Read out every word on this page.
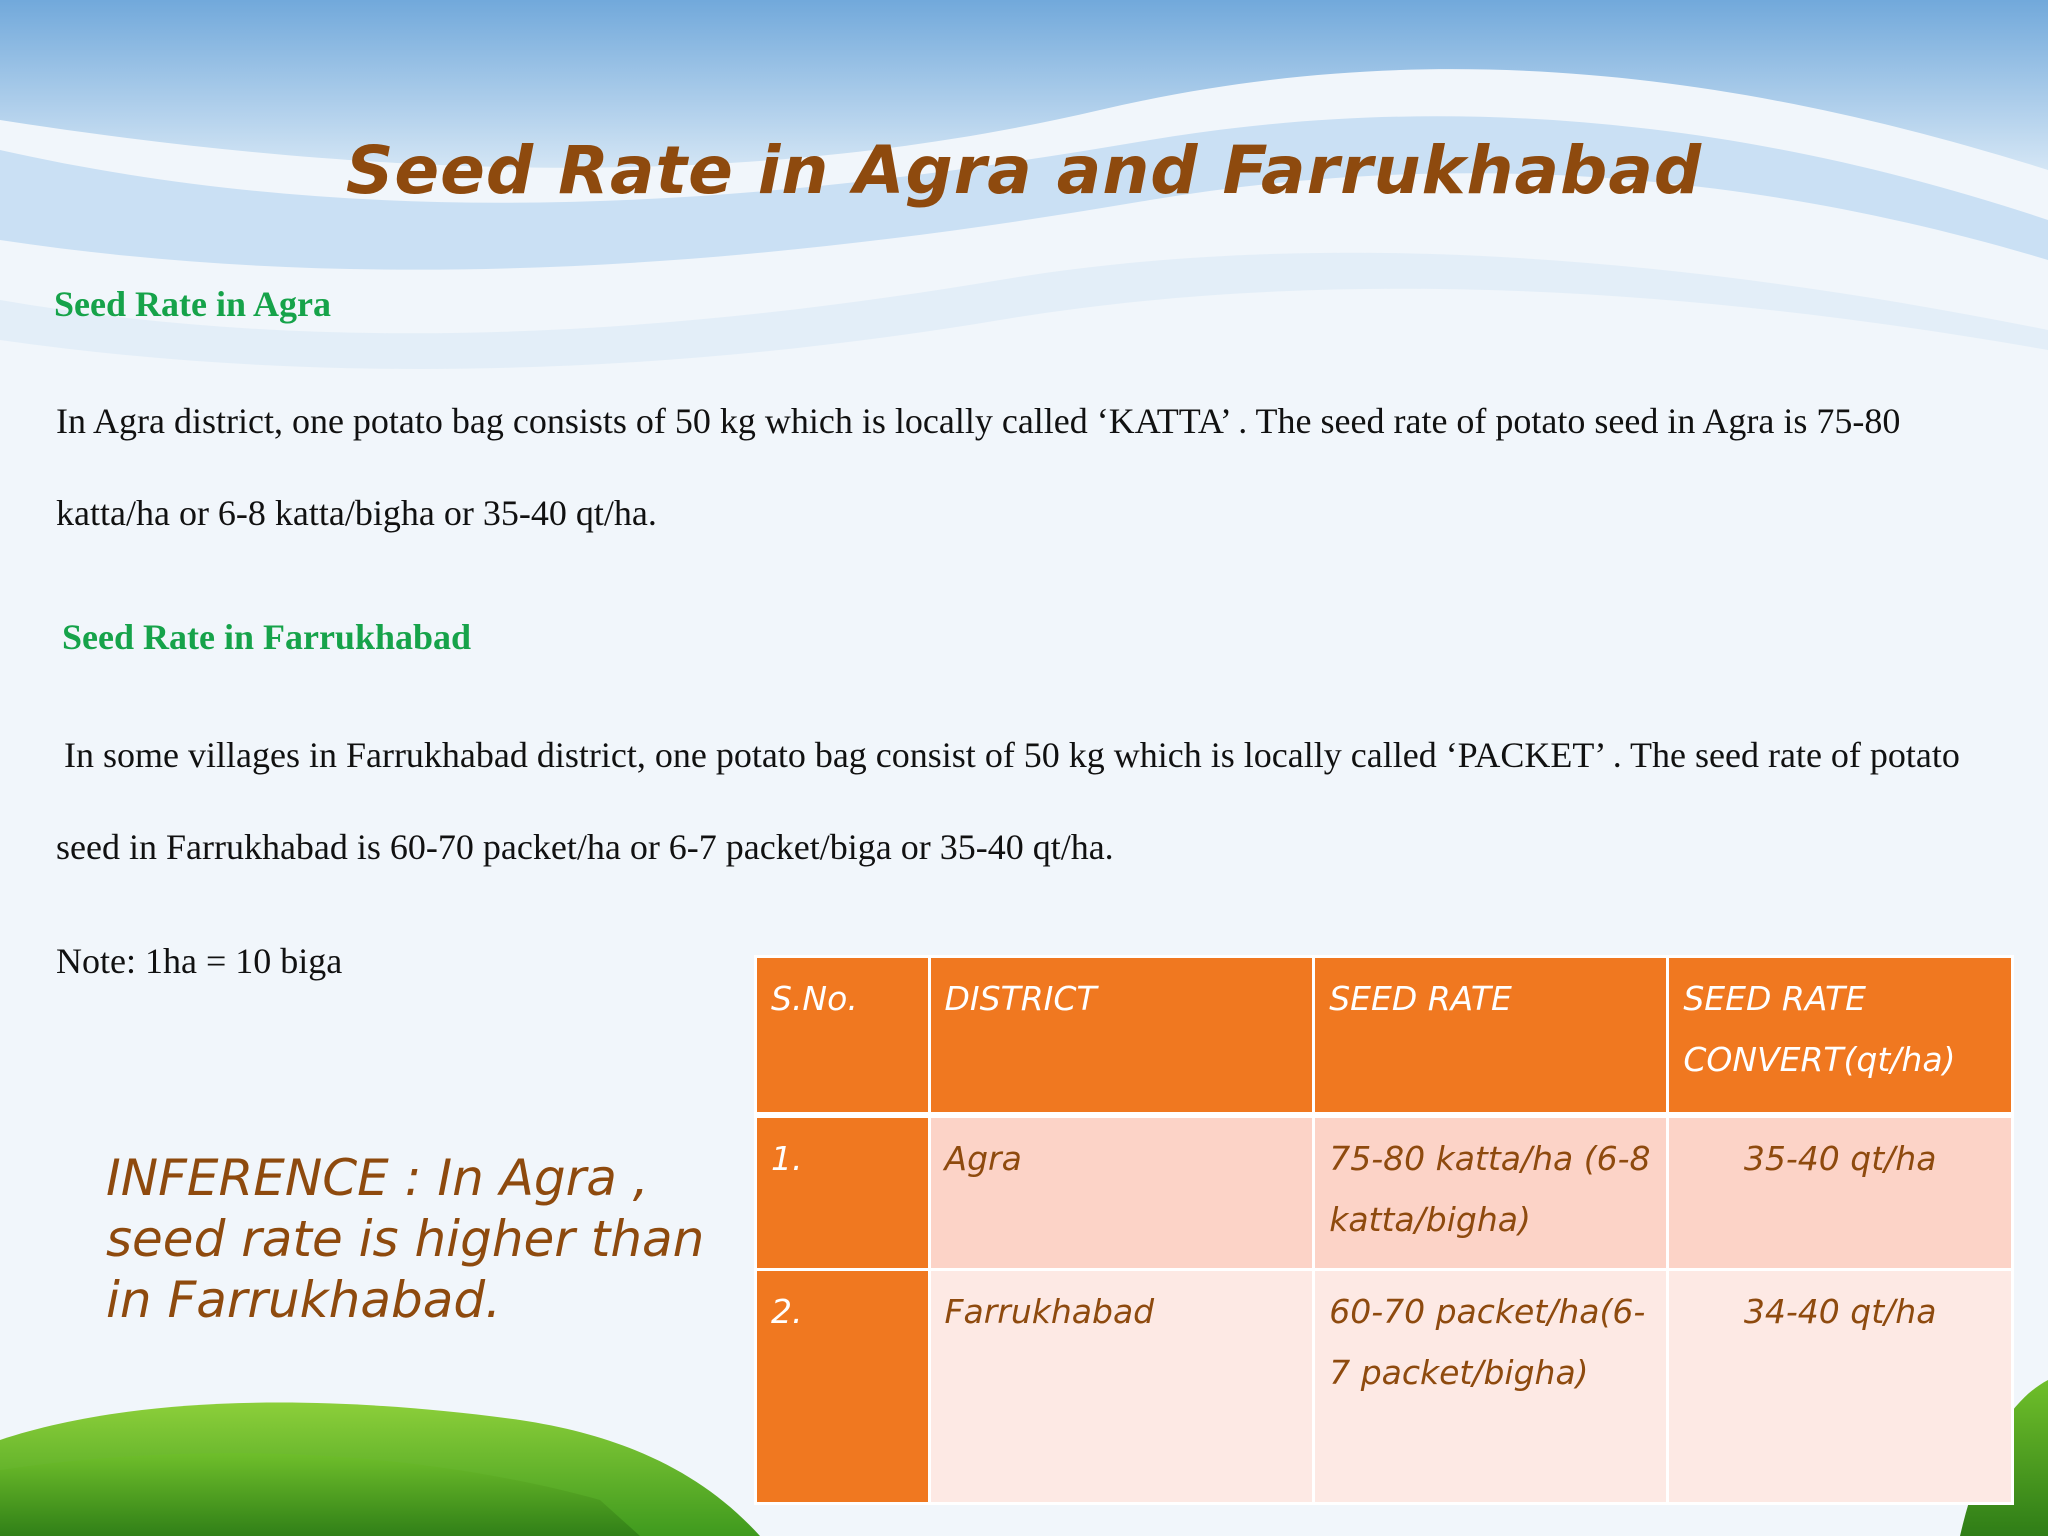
Seed Rate in Agra and Farrukhabad
Seed Rate in Agra
In Agra district, one potato bag consists of 50 kg which is locally called ‘KATTA’ . The seed rate of potato seed in Agra is 75-80 katta/ha or 6-8 katta/bigha or 35-40 qt/ha.
Seed Rate in Farrukhabad
In some villages in Farrukhabad district, one potato bag consist of 50 kg which is locally called ‘PACKET’ . The seed rate of potato seed in Farrukhabad is 60-70 packet/ha or 6-7 packet/biga or 35-40 qt/ha.
Note: 1ha = 10 biga
INFERENCE : In Agra , seed rate is higher than in Farrukhabad.
S.No.	DISTRICT	SEED RATE	SEED RATE CONVERT(qt/ha)
1.	Agra	75-80 katta/ha (6-8 katta/bigha)	35-40 qt/ha
2.	Farrukhabad	60-70 packet/ha(6-7 packet/bigha)	34-40 qt/ha
